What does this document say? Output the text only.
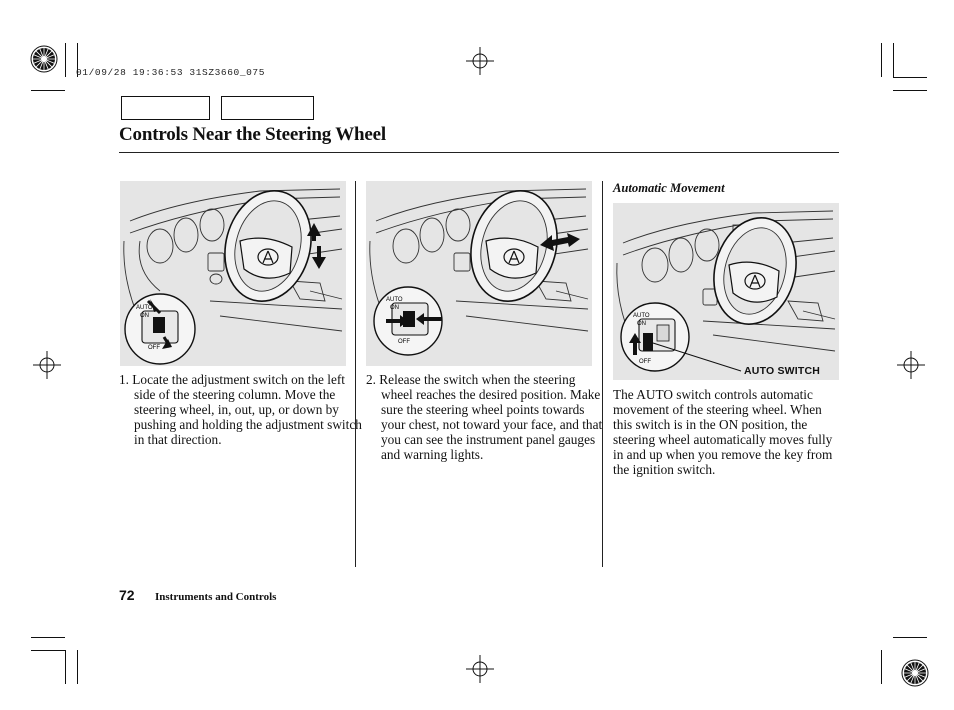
01/09/28 19:36:53 31SZ3660_075
Controls Near the Steering Wheel
AUTO
ON
OFF
AUTO
ON
OFF
Automatic Movement
AUTO
ON
OFF
AUTO SWITCH
1. Locate the adjustment switch on the left side of the steering column. Move the steering wheel, in, out, up, or down by pushing and holding the adjustment switch in that direction.
2. Release the switch when the steering wheel reaches the desired position. Make sure the steering wheel points towards your chest, not toward your face, and that you can see the instrument panel gauges and warning lights.
The AUTO switch controls automatic movement of the steering wheel. When this switch is in the ON position, the steering wheel automatically moves fully in and up when you remove the key from the ignition switch.
72 Instruments and Controls
